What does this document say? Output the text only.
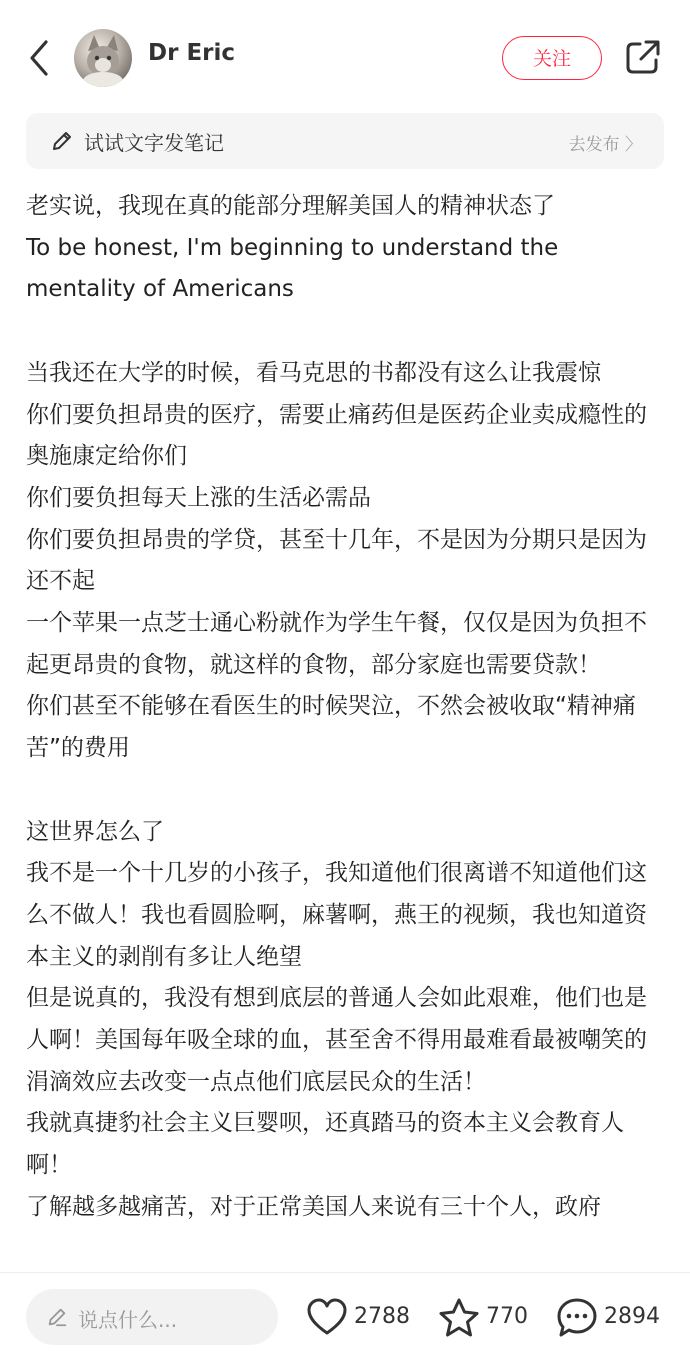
Dr Eric	关注
试试文字发笔记	去发布 〉

老实说，我现在真的能部分理解美国人的精神状态了

To be honest, I'm beginning to understand the mentality of Americans

当我还在大学的时候，看马克思的书都没有这么让我震惊

你们要负担昂贵的医疗，需要止痛药但是医药企业卖成瘾性的奥施康定给你们

你们要负担每天上涨的生活必需品

你们要负担昂贵的学贷，甚至十几年，不是因为分期只是因为还不起

一个苹果一点芝士通心粉就作为学生午餐，仅仅是因为负担不起更昂贵的食物，就这样的食物，部分家庭也需要贷款！

你们甚至不能够在看医生的时候哭泣，不然会被收取“精神痛苦”的费用

这世界怎么了

我不是一个十几岁的小孩子，我知道他们很离谱不知道他们这么不做人！我也看圆脸啊，麻薯啊，燕王的视频，我也知道资本主义的剥削有多让人绝望

但是说真的，我没有想到底层的普通人会如此艰难，他们也是人啊！美国每年吸全球的血，甚至舍不得用最难看最被嘲笑的涓滴效应去改变一点点他们底层民众的生活！

我就真捷豹社会主义巨婴呗，还真踏马的资本主义会教育人啊！

了解越多越痛苦，对于正常美国人来说有三十个人，政府

说点什么...	2788	770	2894
